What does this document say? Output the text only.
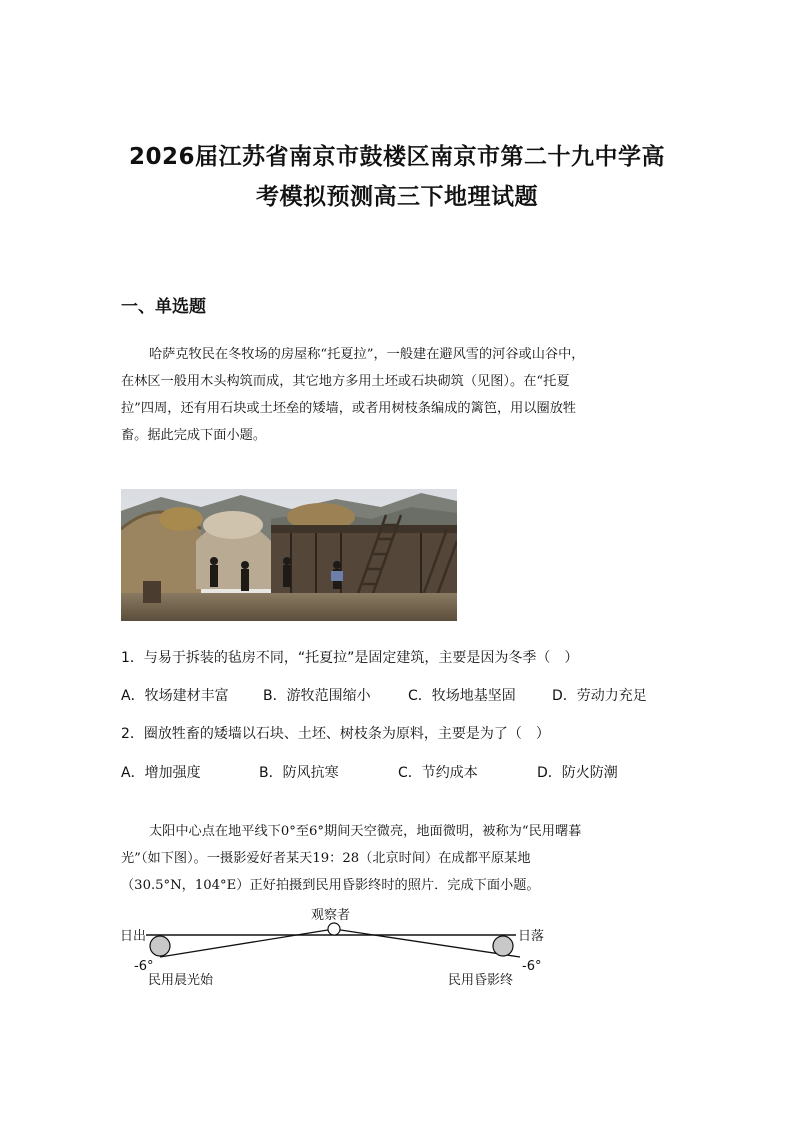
2026届江苏省南京市鼓楼区南京市第二十九中学高
考模拟预测高三下地理试题
一、单选题
哈萨克牧民在冬牧场的房屋称“托夏拉”，一般建在避风雪的河谷或山谷中，
在林区一般用木头构筑而成，其它地方多用土坯或石块砌筑（见图）。在“托夏
拉”四周，还有用石块或土坯垒的矮墙，或者用树枝条编成的篱笆，用以圈放牲
畜。据此完成下面小题。
1．与易于拆装的毡房不同，“托夏拉”是固定建筑，主要是因为冬季（　）
A．牧场建材丰富 B．游牧范围缩小	C．牧场地基坚固	D．劳动力充足
2．圈放牲畜的矮墙以石块、土坯、树枝条为原料，主要是为了（　）
A．增加强度	B．防风抗寒	C．节约成本	D．防火防潮
太阳中心点在地平线下0°至6°期间天空微亮，地面微明，被称为“民用曙暮
光”（如下图）。一摄影爱好者某天19：28（北京时间）在成都平原某地
（30.5°N，104°E）正好拍摄到民用昏影终时的照片．完成下面小题。
观察者
日出	日落
-6°	-6°
民用晨光始	民用昏影终
